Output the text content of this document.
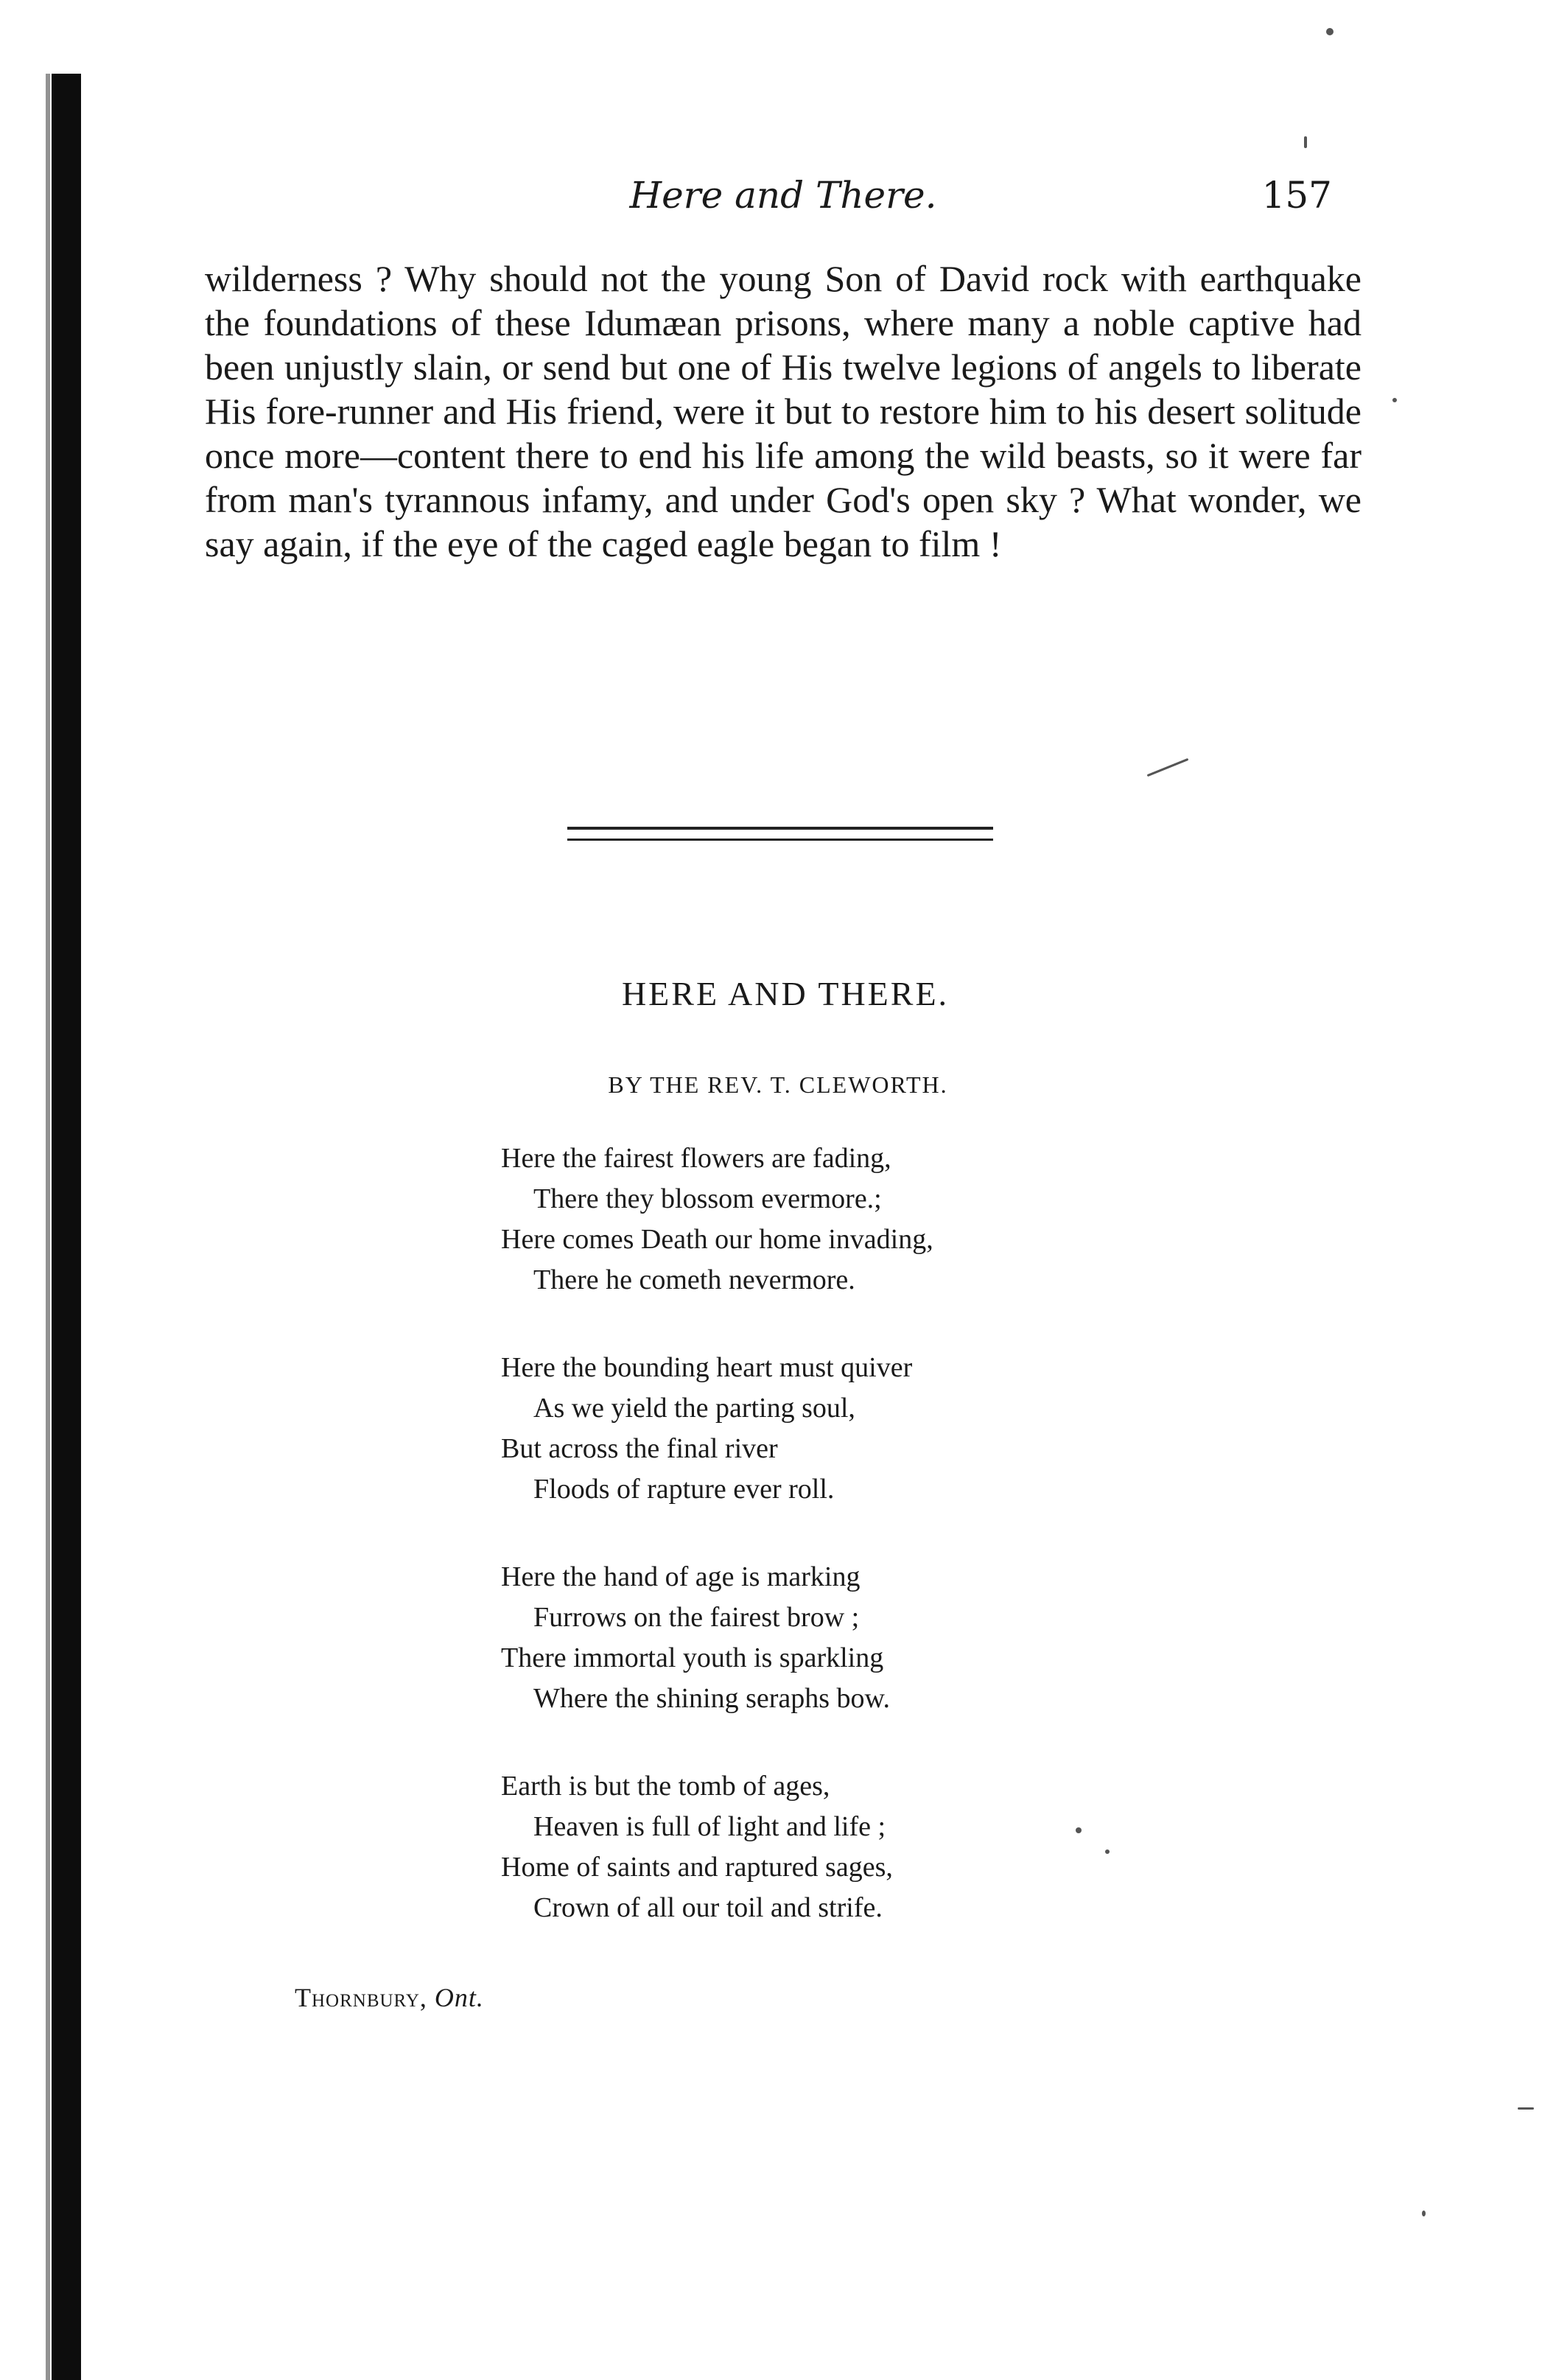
Here and There.	157

wilderness ? Why should not the young Son of David rock with earthquake the foundations of these Idumæan prisons, where many a noble captive had been unjustly slain, or send but one of His twelve legions of angels to liberate His fore-runner and His friend, were it but to restore him to his desert solitude once more—content there to end his life among the wild beasts, so it were far from man's tyrannous infamy, and under God's open sky ? What wonder, we say again, if the eye of the caged eagle began to film !

HERE AND THERE.
BY THE REV. T. CLEWORTH.
Here the fairest flowers are fading,
There they blossom evermore.;
Here comes Death our home invading,
There he cometh nevermore.
Here the bounding heart must quiver
As we yield the parting soul,
But across the final river
Floods of rapture ever roll.
Here the hand of age is marking
Furrows on the fairest brow ;
There immortal youth is sparkling
Where the shining seraphs bow.
Earth is but the tomb of ages,
Heaven is full of light and life ;
Home of saints and raptured sages,
Crown of all our toil and strife.
Thornbury, Ont.
